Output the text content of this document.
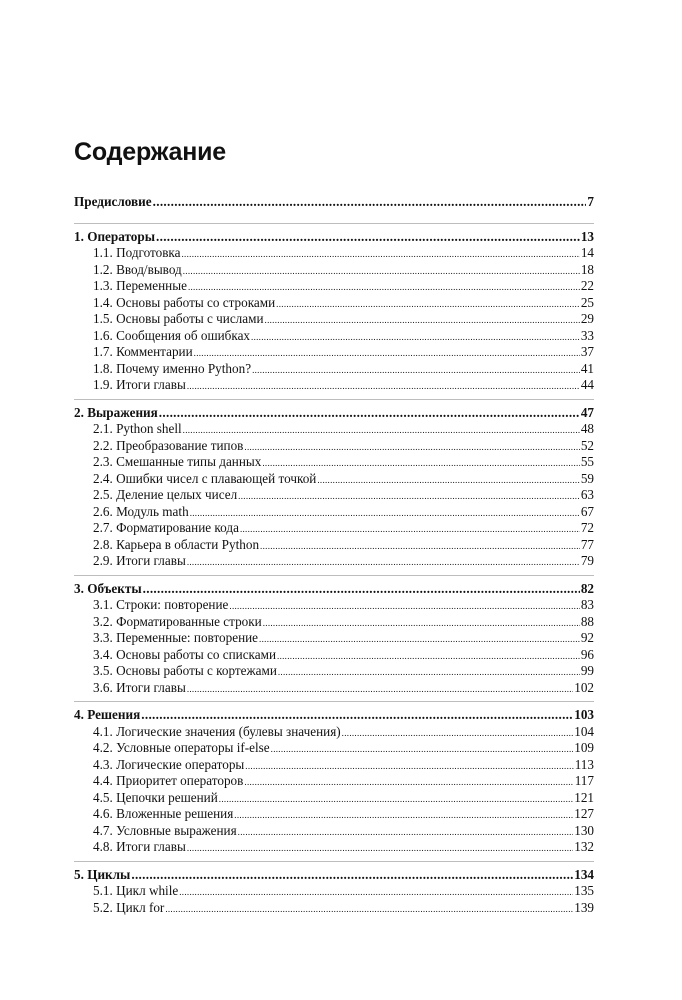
Содержание
Предисловие .....	7
1. Операторы .....	13
1.1. Подготовка .....	14
1.2. Ввод/вывод .....	18
1.3. Переменные .....	22
1.4. Основы работы со строками .....	25
1.5. Основы работы с числами .....	29
1.6. Сообщения об ошибках .....	33
1.7. Комментарии .....	37
1.8. Почему именно Python? .....	41
1.9. Итоги главы .....	44
2. Выражения .....	47
2.1. Python shell .....	48
2.2. Преобразование типов .....	52
2.3. Смешанные типы данных .....	55
2.4. Ошибки чисел с плавающей точкой .....	59
2.5. Деление целых чисел .....	63
2.6. Модуль math .....	67
2.7. Форматирование кода .....	72
2.8. Карьера в области Python .....	77
2.9. Итоги главы .....	79
3. Объекты .....	82
3.1. Строки: повторение .....	83
3.2. Форматированные строки .....	88
3.3. Переменные: повторение .....	92
3.4. Основы работы со списками .....	96
3.5. Основы работы с кортежами .....	99
3.6. Итоги главы .....	102
4. Решения .....	103
4.1. Логические значения (булевы значения) .....	104
4.2. Условные операторы if-else .....	109
4.3. Логические операторы .....	113
4.4. Приоритет операторов .....	117
4.5. Цепочки решений .....	121
4.6. Вложенные решения .....	127
4.7. Условные выражения .....	130
4.8. Итоги главы .....	132
5. Циклы .....	134
5.1. Цикл while .....	135
5.2. Цикл for .....	139
